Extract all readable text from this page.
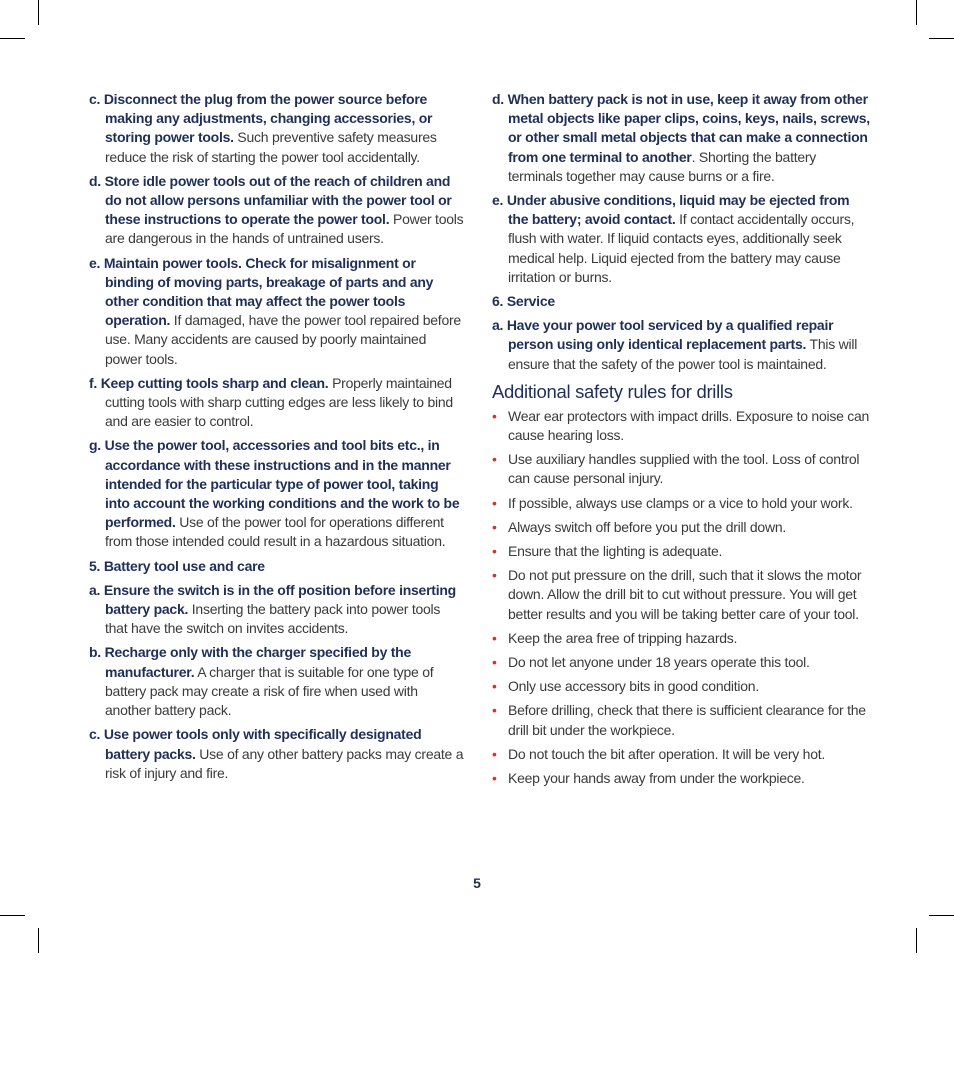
c. Disconnect the plug from the power source before making any adjustments, changing accessories, or storing power tools. Such preventive safety measures reduce the risk of starting the power tool accidentally.
d. Store idle power tools out of the reach of children and do not allow persons unfamiliar with the power tool or these instructions to operate the power tool. Power tools are dangerous in the hands of untrained users.
e. Maintain power tools. Check for misalignment or binding of moving parts, breakage of parts and any other condition that may affect the power tools operation. If damaged, have the power tool repaired before use. Many accidents are caused by poorly maintained power tools.
f. Keep cutting tools sharp and clean. Properly maintained cutting tools with sharp cutting edges are less likely to bind and are easier to control.
g. Use the power tool, accessories and tool bits etc., in accordance with these instructions and in the manner intended for the particular type of power tool, taking into account the working conditions and the work to be performed. Use of the power tool for operations different from those intended could result in a hazardous situation.
5. Battery tool use and care
a. Ensure the switch is in the off position before inserting battery pack. Inserting the battery pack into power tools that have the switch on invites accidents.
b. Recharge only with the charger specified by the manufacturer. A charger that is suitable for one type of battery pack may create a risk of fire when used with another battery pack.
c. Use power tools only with specifically designated battery packs. Use of any other battery packs may create a risk of injury and fire.
d. When battery pack is not in use, keep it away from other metal objects like paper clips, coins, keys, nails, screws, or other small metal objects that can make a connection from one terminal to another. Shorting the battery terminals together may cause burns or a fire.
e. Under abusive conditions, liquid may be ejected from the battery; avoid contact. If contact accidentally occurs, flush with water. If liquid contacts eyes, additionally seek medical help. Liquid ejected from the battery may cause irritation or burns.
6. Service
a. Have your power tool serviced by a qualified repair person using only identical replacement parts. This will ensure that the safety of the power tool is maintained.
Additional safety rules for drills
• Wear ear protectors with impact drills. Exposure to noise can cause hearing loss.
• Use auxiliary handles supplied with the tool. Loss of control can cause personal injury.
• If possible, always use clamps or a vice to hold your work.
• Always switch off before you put the drill down.
• Ensure that the lighting is adequate.
• Do not put pressure on the drill, such that it slows the motor down. Allow the drill bit to cut without pressure. You will get better results and you will be taking better care of your tool.
• Keep the area free of tripping hazards.
• Do not let anyone under 18 years operate this tool.
• Only use accessory bits in good condition.
• Before drilling, check that there is sufficient clearance for the drill bit under the workpiece.
• Do not touch the bit after operation. It will be very hot.
• Keep your hands away from under the workpiece.
5
